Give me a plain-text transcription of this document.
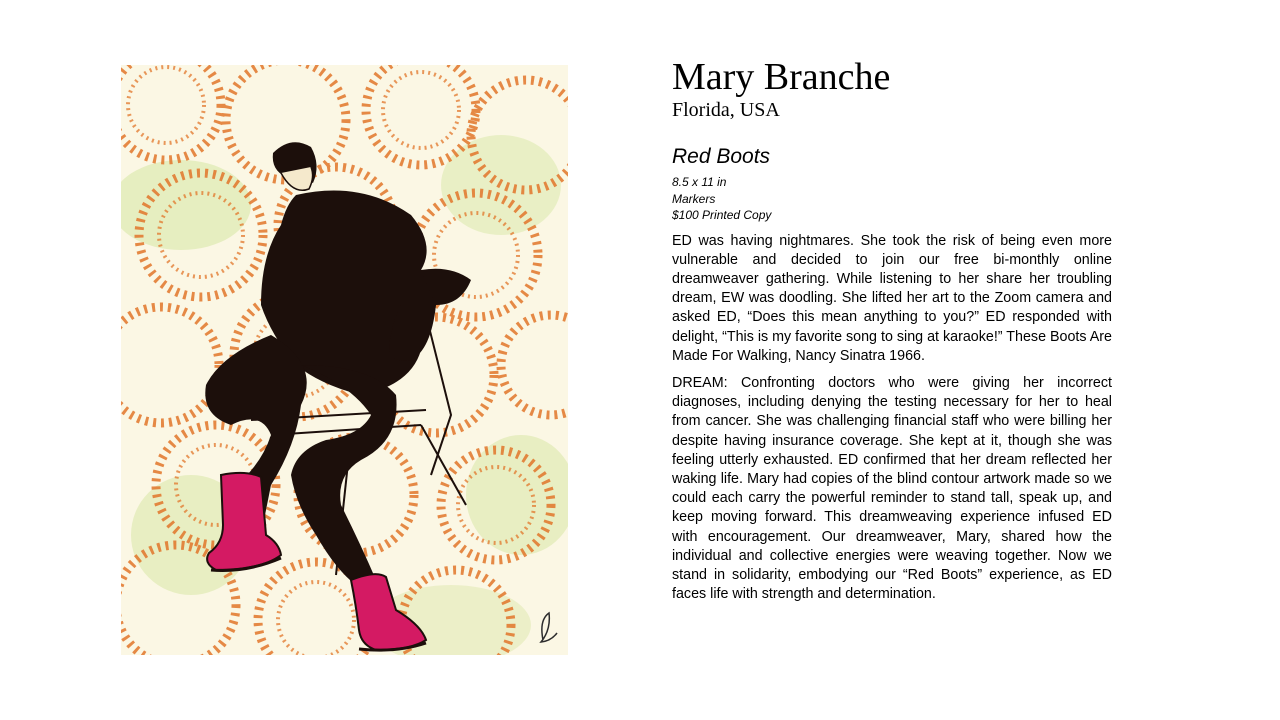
Mary Branche
Florida, USA
Red Boots
8.5 x 11 in
Markers
$100 Printed Copy

ED was having nightmares. She took the risk of being even more vulnerable and decided to join our free bi-monthly online dreamweaver gathering. While listening to her share her troubling dream, EW was doodling. She lifted her art to the Zoom camera and asked ED, “Does this mean anything to you?” ED responded with delight, “This is my favorite song to sing at karaoke!” These Boots Are Made For Walking, Nancy Sinatra 1966.

DREAM: Confronting doctors who were giving her incorrect diagnoses, including denying the testing necessary for her to heal from cancer. She was challenging financial staff who were billing her despite having insurance coverage. She kept at it, though she was feeling utterly exhausted. ED confirmed that her dream reflected her waking life. Mary had copies of the blind contour artwork made so we could each carry the powerful reminder to stand tall, speak up, and keep moving forward. This dreamweaving experience infused ED with encouragement. Our dreamweaver, Mary, shared how the individual and collective energies were weaving together. Now we stand in solidarity, embodying our “Red Boots” experience, as ED faces life with strength and determination.
